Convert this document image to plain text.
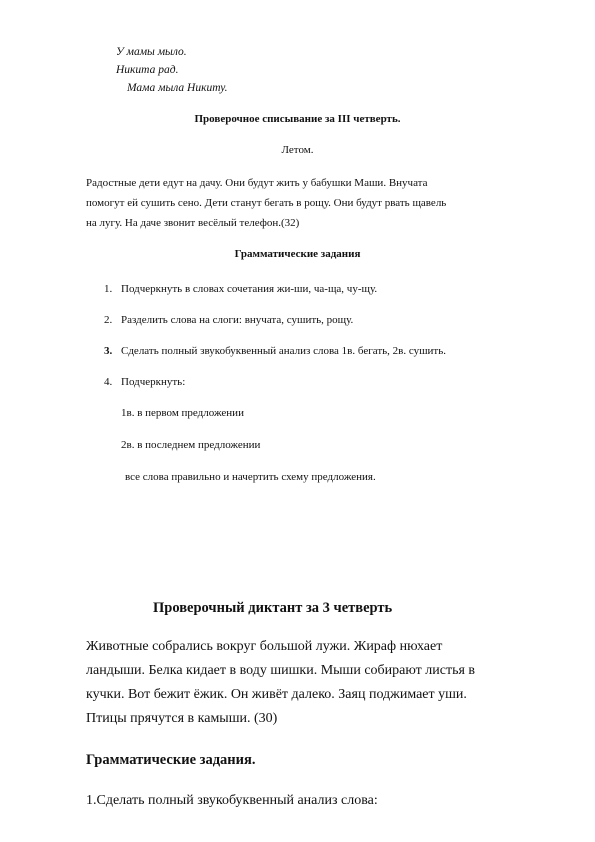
У мамы мыло.
Никита рад.
Мама мыла Никиту.
Проверочное списывание за III четверть.
Летом.
Радостные дети едут на дачу. Они будут жить у бабушки Маши. Внучата
помогут ей сушить сено. Дети станут бегать в рощу. Они будут рвать щавель
на лугу. На даче звонит весёлый телефон.(32)
Грамматические задания
1. Подчеркнуть в словах сочетания жи-ши, ча-ща, чу-щу.
2. Разделить слова на слоги: внучата, сушить, рощу.
3. Сделать полный звукобуквенный анализ слова 1в. бегать, 2в. сушить.
4. Подчеркнуть:
1в. в первом предложении
2в. в последнем предложении
все слова правильно и начертить схему предложения.
Проверочный диктант за 3 четверть
Животные собрались вокруг большой лужи. Жираф нюхает
ландыши. Белка кидает в воду шишки. Мыши собирают листья в
кучки. Вот бежит ёжик. Он живёт далеко. Заяц поджимает уши.
Птицы прячутся в камыши. (30)
Грамматические задания.
1.Сделать полный звукобуквенный анализ слова:
